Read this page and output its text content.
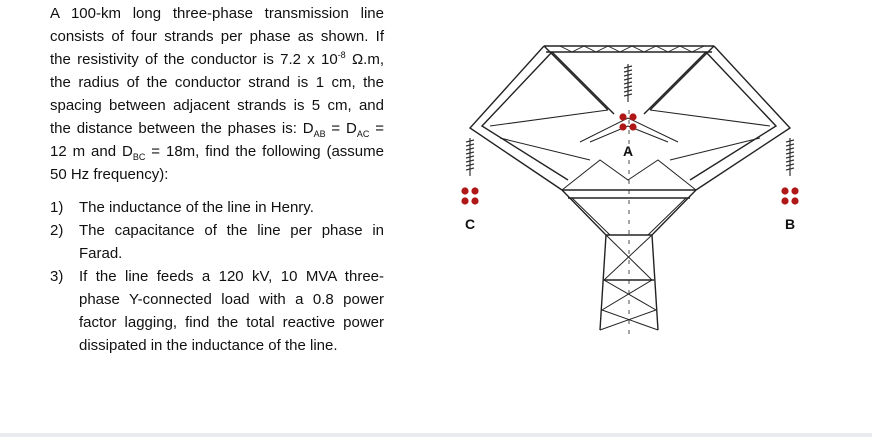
A 100-km long three-phase transmission line consists of four strands per phase as shown. If the resistivity of the conductor is 7.2 x $10^{-8}$ Ω.m, the radius of the conductor strand is 1 cm, the spacing between adjacent strands is 5 cm, and the distance between the phases is: $D_{AB} = D_{AC} = 12$ m and $D_{BC} = 18m$, find the following (assume 50 Hz frequency):

1) The inductance of the line in Henry.
2) The capacitance of the line per phase in Farad.
3) If the line feeds a 120 kV, 10 MVA three-phase Y-connected load with a 0.8 power factor lagging, find the total reactive power dissipated in the inductance of the line.
A
C	B
